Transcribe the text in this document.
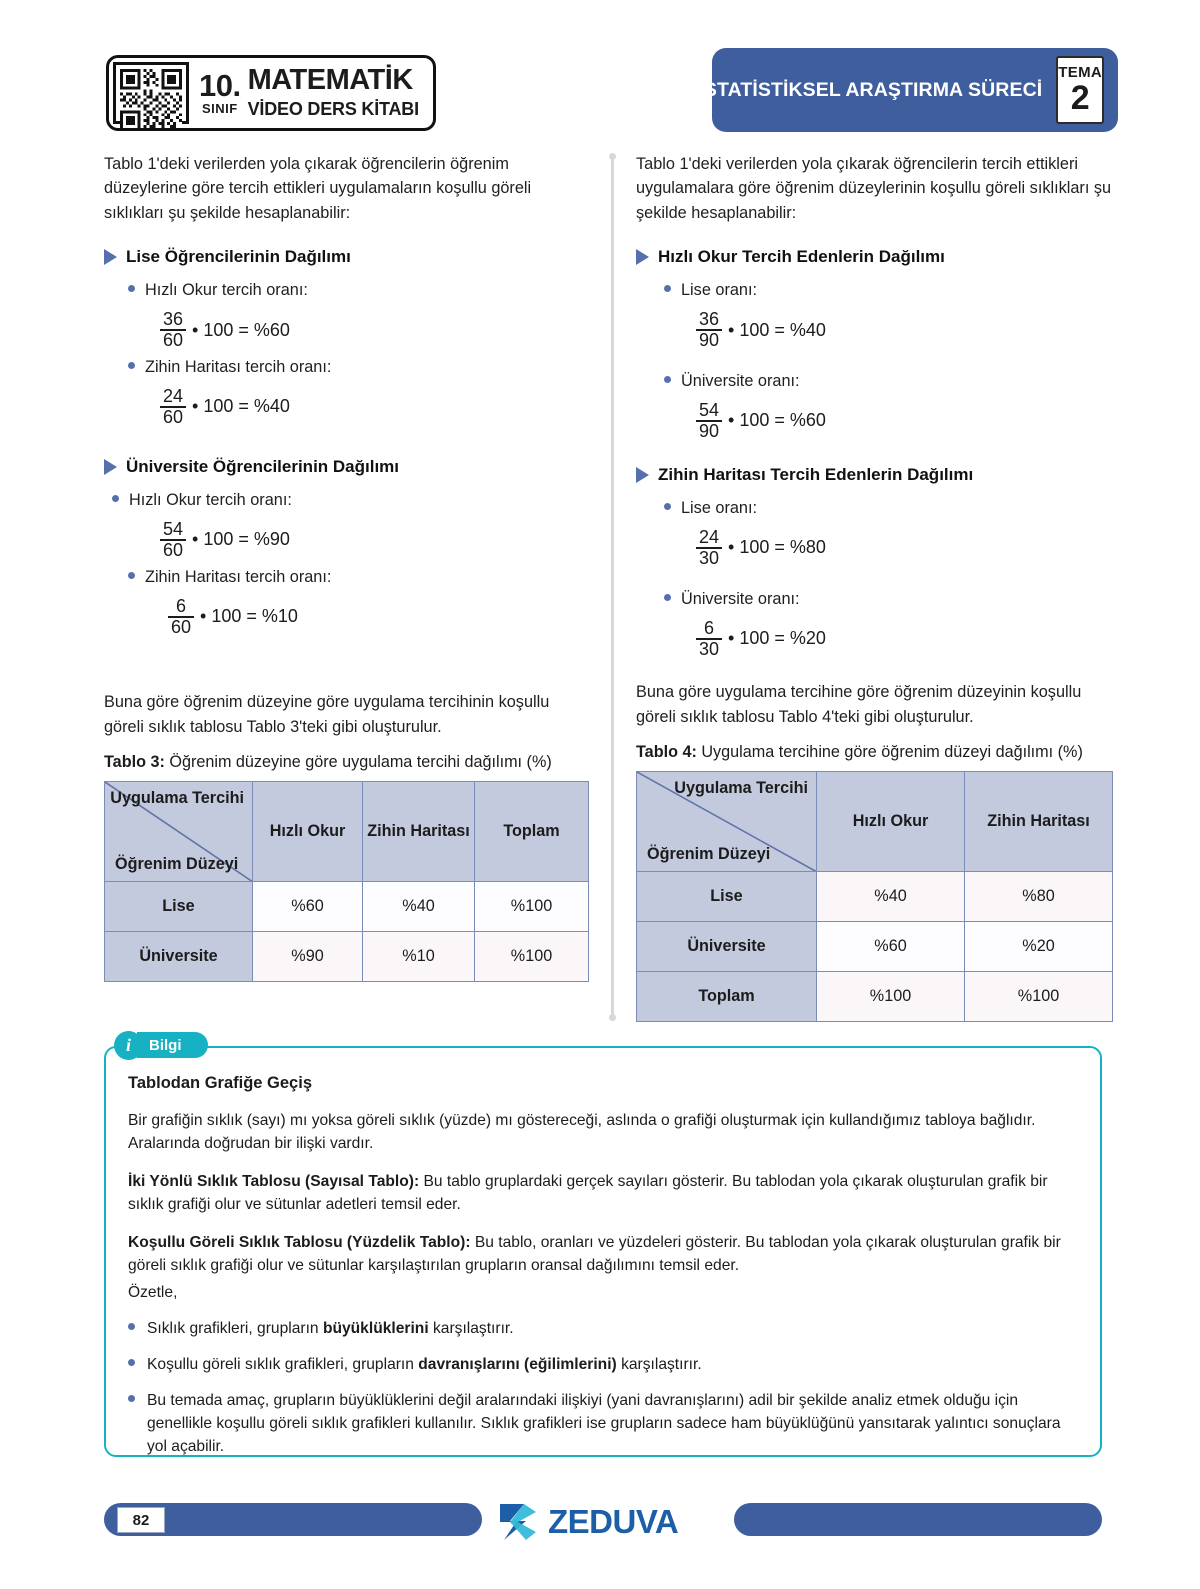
10.
SINIF
MATEMATİK
VİDEO DERS KİTABI
İSTATİSTİKSEL ARAŞTIRMA SÜRECİ
TEMA
2

Tablo 1'deki verilerden yola çıkarak öğrencilerin öğrenim düzeylerine göre tercih ettikleri uygulamaların koşullu göreli sıklıkları şu şekilde hesaplanabilir:

Lise Öğrencilerinin Dağılımı
Hızlı Okur tercih oranı:
$\frac{36}{60}$ • 100 = %60
Zihin Haritası tercih oranı:
$\frac{24}{60}$ • 100 = %40
Üniversite Öğrencilerinin Dağılımı
Hızlı Okur tercih oranı:
$\frac{54}{60}$ • 100 = %90
Zihin Haritası tercih oranı:
$\frac{6}{60}$ • 100 = %10

Buna göre öğrenim düzeyine göre uygulama tercihinin koşullu göreli sıklık tablosu Tablo 3'teki gibi oluşturulur.

Tablo 3: Öğrenim düzeyine göre uygulama tercihi dağılımı (%)
Uygulama Tercihi
Öğrenim Düzeyi	Hızlı Okur	Zihin Haritası	Toplam
Lise	%60	%40	%100
Üniversite	%90	%10	%100

Tablo 1'deki verilerden yola çıkarak öğrencilerin tercih ettikleri uygulamalara göre öğrenim düzeylerinin koşullu göreli sıklıkları şu şekilde hesaplanabilir:

Hızlı Okur Tercih Edenlerin Dağılımı
Lise oranı:
$\frac{36}{90}$ • 100 = %40
Üniversite oranı:
$\frac{54}{90}$ • 100 = %60
Zihin Haritası Tercih Edenlerin Dağılımı
Lise oranı:
$\frac{24}{30}$ • 100 = %80
Üniversite oranı:
$\frac{6}{30}$ • 100 = %20

Buna göre uygulama tercihine göre öğrenim düzeyinin koşullu göreli sıklık tablosu Tablo 4'teki gibi oluşturulur.

Tablo 4: Uygulama tercihine göre öğrenim düzeyi dağılımı (%)
Uygulama Tercihi
Öğrenim Düzeyi	Hızlı Okur	Zihin Haritası
Lise	%40	%80
Üniversite	%60	%20
Toplam	%100	%100
i	Bilgi
Tablodan Grafiğe Geçiş
Bir grafiğin sıklık (sayı) mı yoksa göreli sıklık (yüzde) mı göstereceği, aslında o grafiği oluşturmak için kullandığımız tabloya bağlıdır. Aralarında doğrudan bir ilişki vardır.
İki Yönlü Sıklık Tablosu (Sayısal Tablo): Bu tablo gruplardaki gerçek sayıları gösterir. Bu tablodan yola çıkarak oluşturulan grafik bir sıklık grafiği olur ve sütunlar adetleri temsil eder.
Koşullu Göreli Sıklık Tablosu (Yüzdelik Tablo): Bu tablo, oranları ve yüzdeleri gösterir. Bu tablodan yola çıkarak oluşturulan grafik bir göreli sıklık grafiği olur ve sütunlar karşılaştırılan grupların oransal dağılımını temsil eder.
Özetle,
Sıklık grafikleri, grupların büyüklüklerini karşılaştırır.
Koşullu göreli sıklık grafikleri, grupların davranışlarını (eğilimlerini) karşılaştırır.
Bu temada amaç, grupların büyüklüklerini değil aralarındaki ilişkiyi (yani davranışlarını) adil bir şekilde analiz etmek olduğu için genellikle koşullu göreli sıklık grafikleri kullanılır. Sıklık grafikleri ise grupların sadece ham büyüklüğünü yansıtarak yalıntıcı sonuçlara yol açabilir.
82	ZEDUVA
